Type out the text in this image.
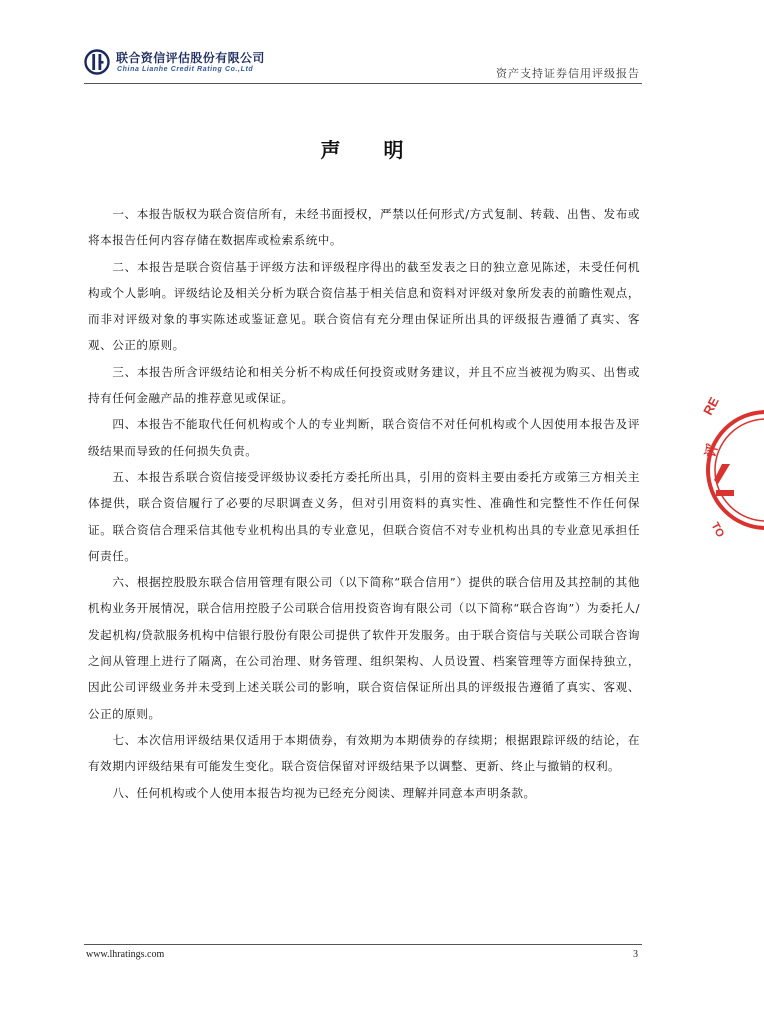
联合资信评估股份有限公司
China Lianhe Credit Rating Co.,Ltd	资产支持证券信用评级报告
声 明

一、本报告版权为联合资信所有，未经书面授权，严禁以任何形式/方式复制、转载、出售、发布或将本报告任何内容存储在数据库或检索系统中。

二、本报告是联合资信基于评级方法和评级程序得出的截至发表之日的独立意见陈述，未受任何机构或个人影响。评级结论及相关分析为联合资信基于相关信息和资料对评级对象所发表的前瞻性观点，而非对评级对象的事实陈述或鉴证意见。联合资信有充分理由保证所出具的评级报告遵循了真实、客观、公正的原则。

三、本报告所含评级结论和相关分析不构成任何投资或财务建议，并且不应当被视为购买、出售或持有任何金融产品的推荐意见或保证。

四、本报告不能取代任何机构或个人的专业判断，联合资信不对任何机构或个人因使用本报告及评级结果而导致的任何损失负责。

五、本报告系联合资信接受评级协议委托方委托所出具，引用的资料主要由委托方或第三方相关主体提供，联合资信履行了必要的尽职调查义务，但对引用资料的真实性、准确性和完整性不作任何保证。联合资信合理采信其他专业机构出具的专业意见，但联合资信不对专业机构出具的专业意见承担任何责任。

六、根据控股股东联合信用管理有限公司（以下简称“联合信用”）提供的联合信用及其控制的其他机构业务开展情况，联合信用控股子公司联合信用投资咨询有限公司（以下简称“联合咨询”）为委托人/发起机构/贷款服务机构中信银行股份有限公司提供了软件开发服务。由于联合资信与关联公司联合咨询之间从管理上进行了隔离，在公司治理、财务管理、组织架构、人员设置、档案管理等方面保持独立，因此公司评级业务并未受到上述关联公司的影响，联合资信保证所出具的评级报告遵循了真实、客观、公正的原则。

七、本次信用评级结果仅适用于本期债券，有效期为本期债券的存续期；根据跟踪评级的结论，在有效期内评级结果有可能发生变化。联合资信保留对评级结果予以调整、更新、终止与撤销的权利。

八、任何机构或个人使用本报告均视为已经充分阅读、理解并同意本声明条款。

RE
评
TO
www.lhratings.com	3
